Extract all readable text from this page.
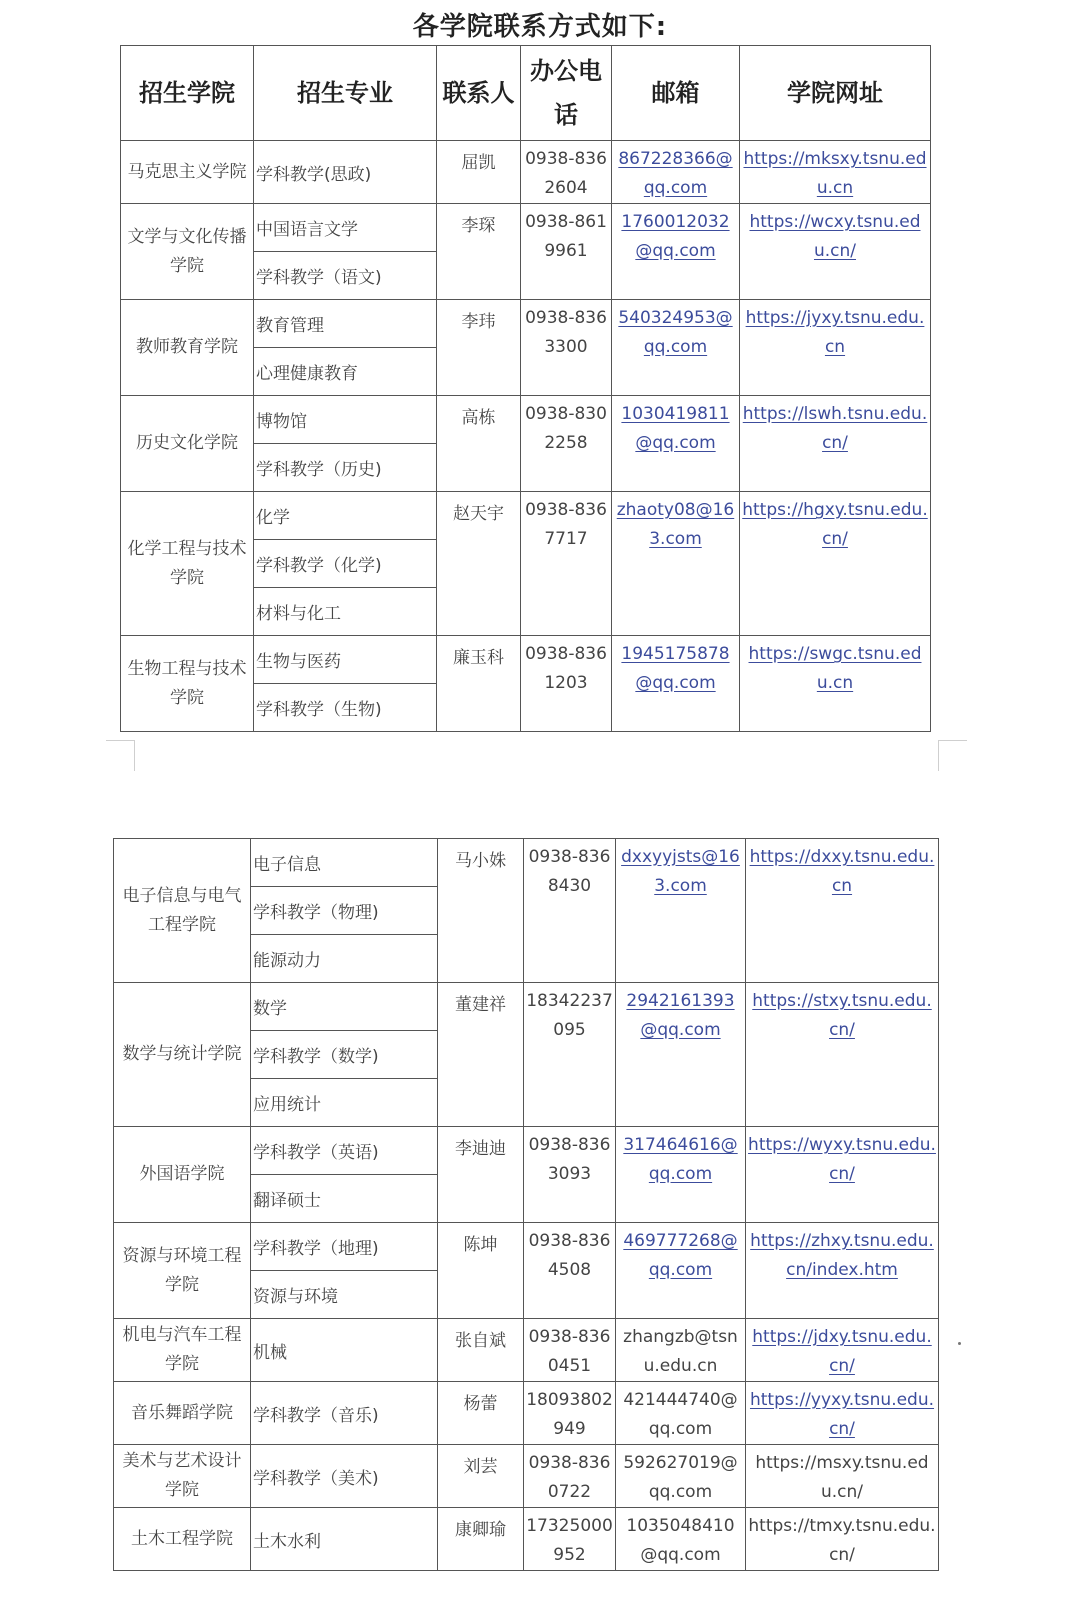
各学院联系方式如下:
招生学院	招生专业	联系人	办公电话	邮箱	学院网址
马克思主义学院	学科教学(思政)	屈凯	0938-8362604	867228366@qq.com	https://mksxy.tsnu.edu.cn
文学与文化传播学院	中国语言文学	李琛	0938-8619961	1760012032@qq.com	https://wcxy.tsnu.edu.cn/
	学科教学（语文)				
教师教育学院	教育管理	李玮	0938-8363300	540324953@qq.com	https://jyxy.tsnu.edu.cn
	心理健康教育				
历史文化学院	博物馆	高栋	0938-8302258	1030419811@qq.com	https://lswh.tsnu.edu.cn/
	学科教学（历史)				
化学工程与技术学院	化学	赵天宇	0938-8367717	zhaoty08@163.com	https://hgxy.tsnu.edu.cn/
	学科教学（化学)				
	材料与化工				
生物工程与技术学院	生物与医药	廉玉科	0938-8361203	1945175878@qq.com	https://swgc.tsnu.edu.cn
	学科教学（生物)				
电子信息与电气工程学院	电子信息	马小姝	0938-8368430	dxxyyjsts@163.com	https://dxxy.tsnu.edu.cn
	学科教学（物理)				
	能源动力				
数学与统计学院	数学	董建祥	18342237095	2942161393@qq.com	https://stxy.tsnu.edu.cn/
	学科教学（数学)				
	应用统计				
外国语学院	学科教学（英语)	李迪迪	0938-8363093	317464616@qq.com	https://wyxy.tsnu.edu.cn/
	翻译硕士				
资源与环境工程学院	学科教学（地理)	陈坤	0938-8364508	469777268@qq.com	https://zhxy.tsnu.edu.cn/index.htm
	资源与环境				
机电与汽车工程学院	机械	张自斌	0938-8360451	zhangzb@tsnu.edu.cn	https://jdxy.tsnu.edu.cn/
音乐舞蹈学院	学科教学（音乐)	杨蕾	18093802949	421444740@qq.com	https://yyxy.tsnu.edu.cn/
美术与艺术设计学院	学科教学（美术)	刘芸	0938-8360722	592627019@qq.com	https://msxy.tsnu.edu.cn/
土木工程学院	土木水利	康卿瑜	17325000952	1035048410@qq.com	https://tmxy.tsnu.edu.cn/
